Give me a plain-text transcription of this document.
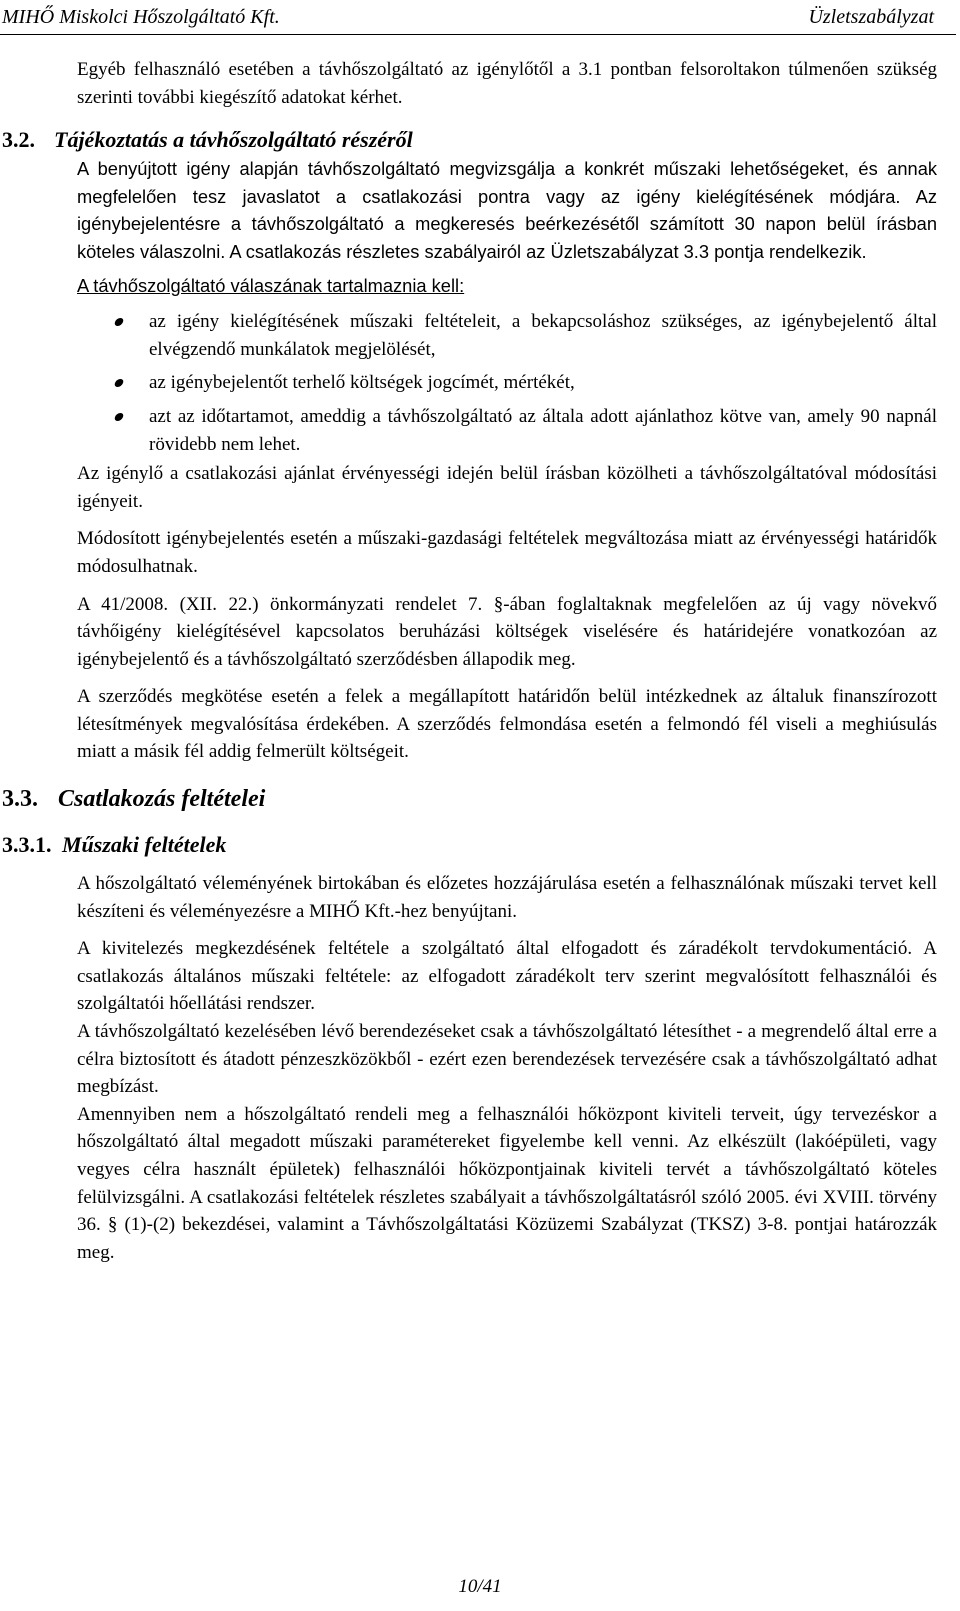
MIHŐ Miskolci Hőszolgáltató Kft.	Üzletszabályzat

Egyéb felhasználó esetében a távhőszolgáltató az igénylőtől a 3.1 pontban felsoroltakon túlmenően szükség szerinti további kiegészítő adatokat kérhet.

3.2. Tájékoztatás a távhőszolgáltató részéről

A benyújtott igény alapján távhőszolgáltató megvizsgálja a konkrét műszaki lehetőségeket, és annak megfelelően tesz javaslatot a csatlakozási pontra vagy az igény kielégítésének módjára. Az igénybejelentésre a távhőszolgáltató a megkeresés beérkezésétől számított 30 napon belül írásban köteles válaszolni. A csatlakozás részletes szabályairól az Üzletszabályzat 3.3 pontja rendelkezik.

A távhőszolgáltató válaszának tartalmaznia kell:

az igény kielégítésének műszaki feltételeit, a bekapcsoláshoz szükséges, az igénybejelentő által elvégzendő munkálatok megjelölését,
az igénybejelentőt terhelő költségek jogcímét, mértékét,
azt az időtartamot, ameddig a távhőszolgáltató az általa adott ajánlathoz kötve van, amely 90 napnál rövidebb nem lehet.

Az igénylő a csatlakozási ajánlat érvényességi idején belül írásban közölheti a távhőszolgáltatóval módosítási igényeit.

Módosított igénybejelentés esetén a műszaki-gazdasági feltételek megváltozása miatt az érvényességi határidők módosulhatnak.

A 41/2008. (XII. 22.) önkormányzati rendelet 7. §-ában foglaltaknak megfelelően az új vagy növekvő távhőigény kielégítésével kapcsolatos beruházási költségek viselésére és határidejére vonatkozóan az igénybejelentő és a távhőszolgáltató szerződésben állapodik meg.

A szerződés megkötése esetén a felek a megállapított határidőn belül intézkednek az általuk finanszírozott létesítmények megvalósítása érdekében. A szerződés felmondása esetén a felmondó fél viseli a meghiúsulás miatt a másik fél addig felmerült költségeit.

3.3. Csatlakozás feltételei
3.3.1. Műszaki feltételek

A hőszolgáltató véleményének birtokában és előzetes hozzájárulása esetén a felhasználónak műszaki tervet kell készíteni és véleményezésre a MIHŐ Kft.-hez benyújtani.

A kivitelezés megkezdésének feltétele a szolgáltató által elfogadott és záradékolt tervdokumentáció. A csatlakozás általános műszaki feltétele: az elfogadott záradékolt terv szerint megvalósított felhasználói és szolgáltatói hőellátási rendszer.

A távhőszolgáltató kezelésében lévő berendezéseket csak a távhőszolgáltató létesíthet - a megrendelő által erre a célra biztosított és átadott pénzeszközökből - ezért ezen berendezések tervezésére csak a távhőszolgáltató adhat megbízást.

Amennyiben nem a hőszolgáltató rendeli meg a felhasználói hőközpont kiviteli terveit, úgy tervezéskor a hőszolgáltató által megadott műszaki paramétereket figyelembe kell venni. Az elkészült (lakóépületi, vagy vegyes célra használt épületek) felhasználói hőközpontjainak kiviteli tervét a távhőszolgáltató köteles felülvizsgálni. A csatlakozási feltételek részletes szabályait a távhőszolgáltatásról szóló 2005. évi XVIII. törvény 36. § (1)-(2) bekezdései, valamint a Távhőszolgáltatási Közüzemi Szabályzat (TKSZ) 3-8. pontjai határozzák meg.

10/41
